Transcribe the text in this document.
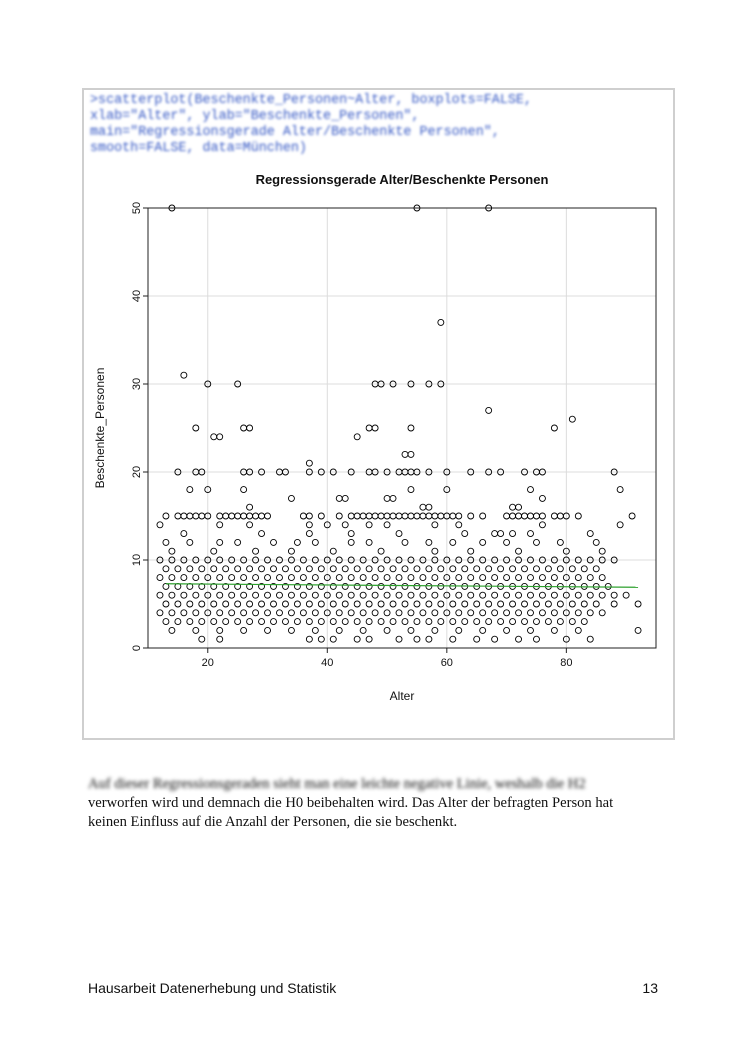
>scatterplot(Beschenkte_Personen~Alter, boxplots=FALSE,
xlab="Alter", ylab="Beschenkte_Personen",
main="Regressionsgerade Alter/Beschenkte Personen",
smooth=FALSE, data=München)
Regressionsgerade Alter/Beschenkte Personen
0
10
20
30
40
50
20	40	60	80
Beschenkte_Personen
Alter
Auf dieser Regressionsgeraden sieht man eine leichte negative Linie, weshalb die H2
verworfen wird und demnach die H0 beibehalten wird. Das Alter der befragten Person hat
keinen Einfluss auf die Anzahl der Personen, die sie beschenkt.
Hausarbeit Datenerhebung und Statistik	13
